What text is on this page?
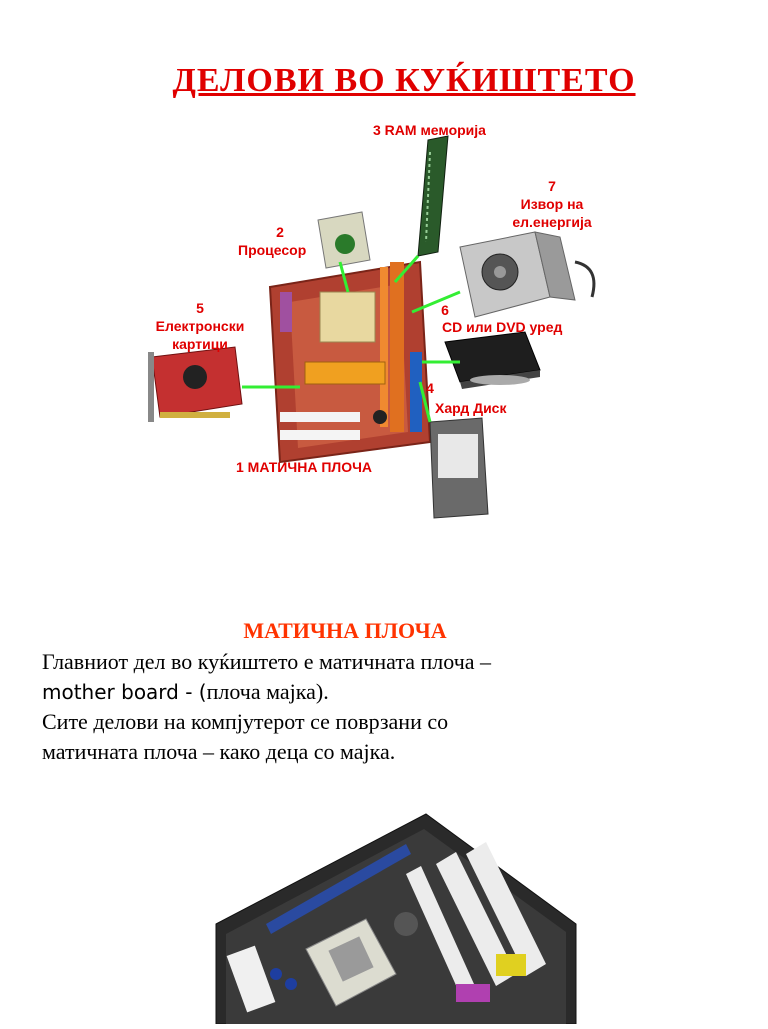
ДЕЛОВИ ВО КУЌИШТЕТО
3 RAM меморија
7
Извор на
ел.енергија
2
Процесор
5
Електронски
картици
6
CD или DVD уред
4
Хард Диск
1 МАТИЧНА ПЛОЧА
МАТИЧНА ПЛОЧА

Главниот дел во куќиштето е матичната плоча –

mother board - (плоча мајка).

Сите делови на компјутерот се поврзани со

матичната плоча – како деца со мајка.
